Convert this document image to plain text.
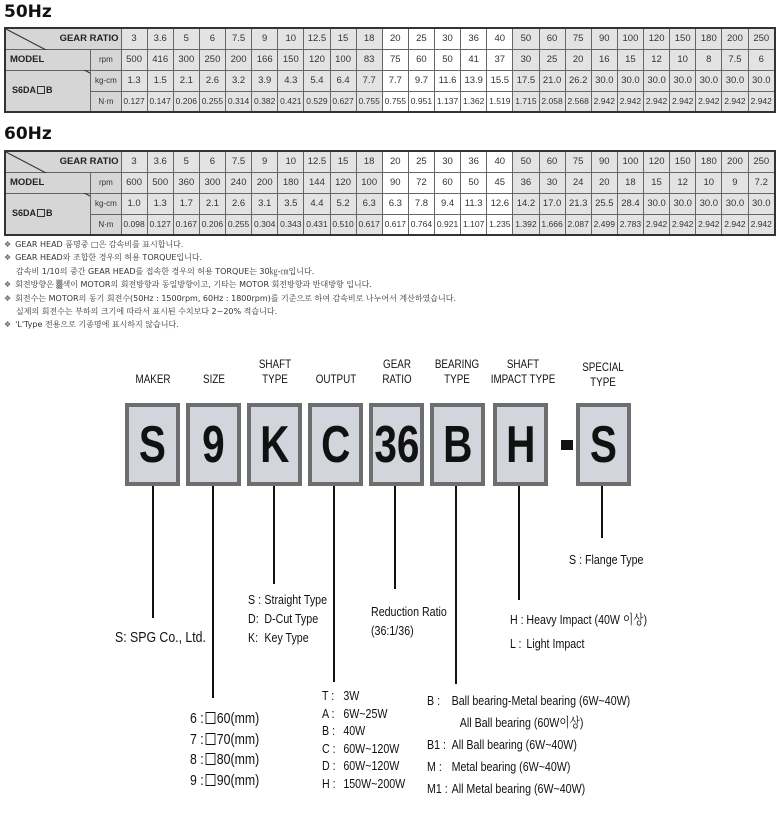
50Hz
GEAR RATIO		3	3.6	5	6	7.5	9	10	12.5	15	18	20	25	30	36	40	50	60	75	90	100	120	150	180	200	250
MODEL	rpm	500	416	300	250	200	166	150	120	100	83	75	60	50	41	37	30	25	20	16	15	12	10	8	7.5	6
S6DA B	kg-cm	1.3	1.5	2.1	2.6	3.2	3.9	4.3	5.4	6.4	7.7	7.7	9.7	11.6	13.9	15.5	17.5	21.0	26.2	30.0	30.0	30.0	30.0	30.0	30.0	30.0
	N·m	0.127	0.147	0.206	0.255	0.314	0.382	0.421	0.529	0.627	0.755	0.755	0.951	1.137	1.362	1.519	1.715	2.058	2.568	2.942	2.942	2.942	2.942	2.942	2.942	2.942
60Hz
GEAR RATIO		3	3.6	5	6	7.5	9	10	12.5	15	18	20	25	30	36	40	50	60	75	90	100	120	150	180	200	250
MODEL	rpm	600	500	360	300	240	200	180	144	120	100	90	72	60	50	45	36	30	24	20	18	15	12	10	9	7.2
S6DA B	kg-cm	1.0	1.3	1.7	2.1	2.6	3.1	3.5	4.4	5.2	6.3	6.3	7.8	9.4	11.3	12.6	14.2	17.0	21.3	25.5	28.4	30.0	30.0	30.0	30.0	30.0
	N·m	0.098	0.127	0.167	0.206	0.255	0.304	0.343	0.431	0.510	0.617	0.617	0.764	0.921	1.107	1.235	1.392	1.666	2.087	2.499	2.783	2.942	2.942	2.942	2.942	2.942
❖ GEAR HEAD 품명중 □은 감속비를 표시합니다.
❖ GEAR HEAD와 조합한 경우의 허용 TORQUE입니다.
감속비 1/10의 중간 GEAR HEAD를 접속한 경우의 허용 TORQUE는 30㎏-㎝입니다.
❖ 회전방향은 ▒색이 MOTOR의 회전방향과 동일방향이고, 기타는 MOTOR 회전방향과 반대방향 입니다.
❖ 회전수는 MOTOR의 동기 회전수(50Hz : 1500rpm, 60Hz : 1800rpm)를 기준으로 하여 감속비로 나누어서 계산하였습니다.
실제의 회전수는 부하의 크기에 따라서 표시된 수치보다 2~20% 적습니다.
❖ 'L'Type 전용으로 기종명에 표시하지 않습니다.
MAKER	SIZE
SHAFT
TYPE	OUTPUT
GEAR
RATIO
BEARING
TYPE
SHAFT
IMPACT TYPE
SPECIAL
TYPE
S 9 K C 36 B H S
S: SPG Co., Ltd.
6 : 60(mm)
7 : 70(mm)
8 : 80(mm)
9 : 90(mm)
S : Straight Type
D: D-Cut Type
K: Key Type
T : 3W
A : 6W~25W
B : 40W
C : 60W~120W
D : 60W~120W
H : 150W~200W
Reduction Ratio
(36:1/36)
B : Ball bearing-Metal bearing (6W~40W)
All Ball bearing (60W이상)
B1 : All Ball bearing (6W~40W)
M : Metal bearing (6W~40W)
M1 : All Metal bearing (6W~40W)
H : Heavy Impact (40W 이상)
L : Light Impact
S : Flange Type
